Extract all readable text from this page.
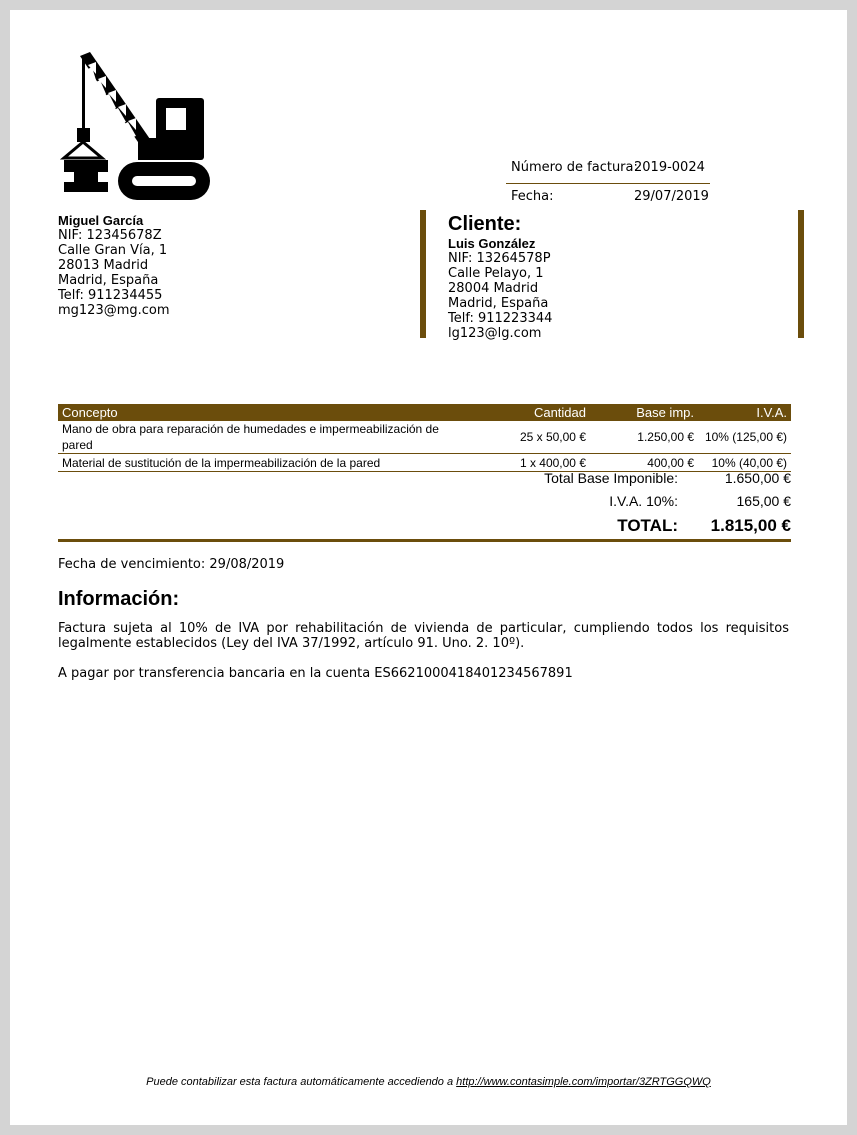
Número de factura:
2019-0024
Fecha:	29/07/2019
Miguel García
NIF: 12345678Z
Calle Gran Vía, 1
28013 Madrid
Madrid, España
Telf: 911234455
mg123@mg.com
Cliente:
Luis González
NIF: 13264578P
Calle Pelayo, 1
28004 Madrid
Madrid, España
Telf: 911223344
lg123@lg.com
Concepto	Cantidad	Base imp.	I.V.A.
Mano de obra para reparación de humedades e impermeabilización de pared	25 x 50,00 €	1.250,00 €	10% (125,00 €)
Material de sustitución de la impermeabilización de la pared	1 x 400,00 €	400,00 €	10% (40,00 €)
Total Base Imponible:	1.650,00 €
I.V.A. 10%:	165,00 €
TOTAL: 1.815,00 €
Fecha de vencimiento: 29/08/2019
Información:
Factura sujeta al 10% de IVA por rehabilitación de vivienda de particular, cumpliendo todos los requisitos legalmente establecidos (Ley del IVA 37/1992, artículo 91. Uno. 2. 10º).
A pagar por transferencia bancaria en la cuenta ES6621000418401234567891
Puede contabilizar esta factura automáticamente accediendo a http://www.contasimple.com/importar/3ZRTGGQWQ
